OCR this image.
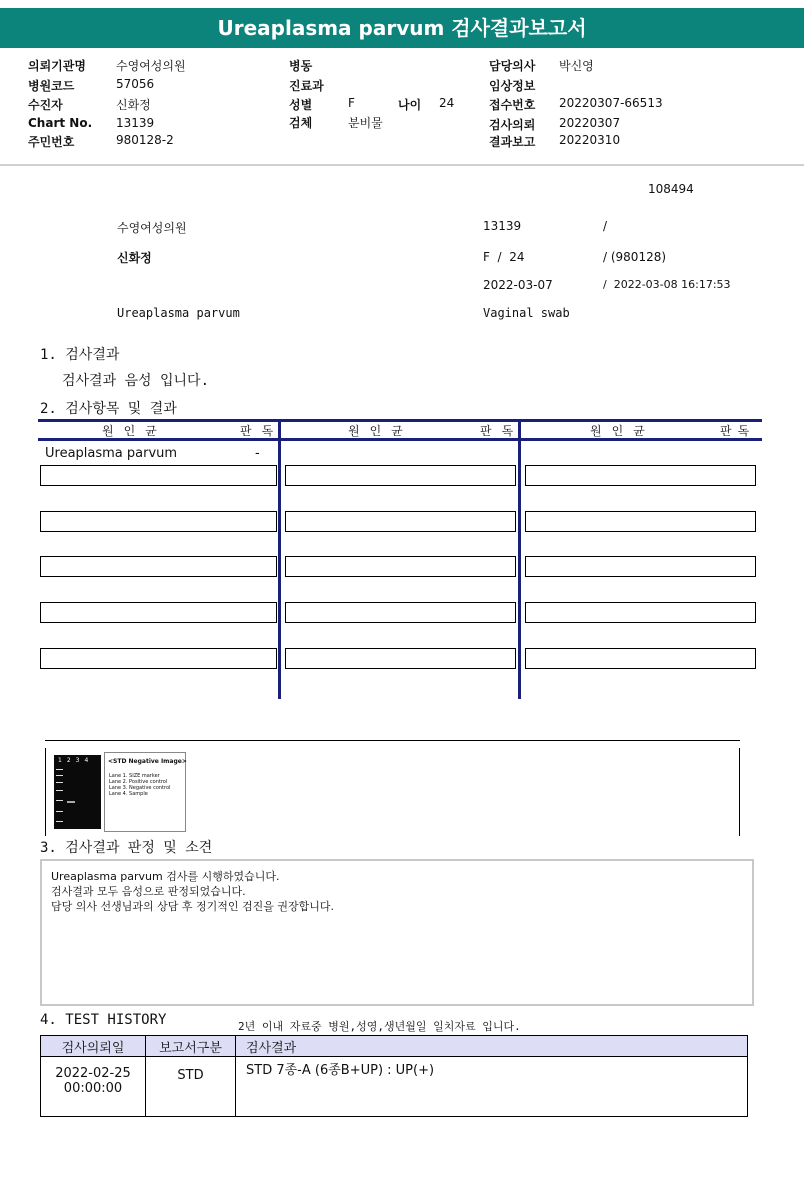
Ureaplasma parvum 검사결과보고서
의뢰기관명	수영여성의원
병원코드	57056
수진자	신화정
Chart No. 13139
주민번호	980128-2
병동
진료과
성별	F	나이 24
검체	분비물
담당의사 박신영
임상정보
접수번호 20220307-66513
검사의뢰 20220307
결과보고 20220310
108494
수영여성의원	13139	/
신화정	F  /  24	/ (980128)
2022-03-07	/  2022-03-08 16:17:53
Ureaplasma parvum	Vaginal swab
1. 검사결과
검사결과 음성 입니다.
2. 검사항목 및 결과
원인균	판독	원인균	판독	원인균	판독
Ureaplasma parvum	-
1234 <STD Negative Image>
Lane 1. SIZE marker
Lane 2. Positive control
Lane 3. Negative control
Lane 4. Sample
3. 검사결과 판정 및 소견
Ureaplasma parvum 검사를 시행하였습니다.
검사결과 모두 음성으로 판정되었습니다.
담당 의사 선생님과의 상담 후 정기적인 검진을 권장합니다.
4. TEST HISTORY	2년 이내 자료중 병원,성영,생년월일 일치자료 입니다.
검사의뢰일	보고서구분	검사결과

2022-02-25
00:00:00	STD	STD 7종-A (6종B+UP) : UP(+)
